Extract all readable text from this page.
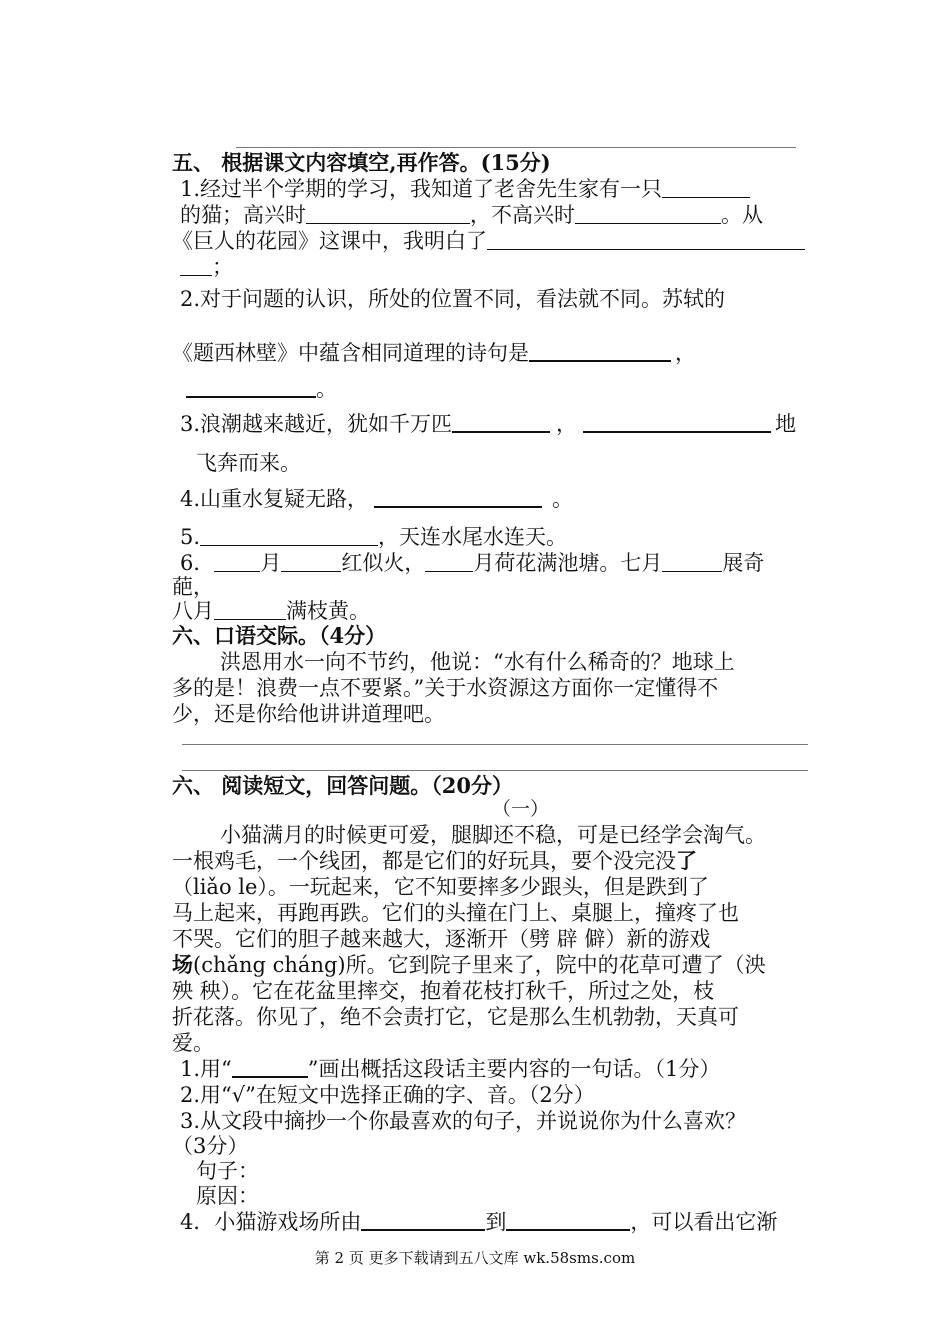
五、 根据课文内容填空,再作答。(15分)
1.经过半个学期的学习，我知道了老舍先生家有一只
的猫；高兴时	，不高兴时	。从
《巨人的花园》这课中，我明白了
；
2.对于问题的认识，所处的位置不同，看法就不同。苏轼的
《题西林壁》中蕴含相同道理的诗句是	，
。
3.浪潮越来越近，犹如千万匹	，	地
飞奔而来。
4.山重水复疑无路，	。
5.	，天连水尾水连天。
6． 月	红似火， 月荷花满池塘。七月	展奇
葩，
八月	满枝黄。
六、口语交际。（4分）
洪恩用水一向不节约，他说：“水有什么稀奇的？地球上
多的是！浪费一点不要紧。”关于水资源这方面你一定懂得不
少，还是你给他讲讲道理吧。
六、 阅读短文，回答问题。（20分）
（一）
小猫满月的时候更可爱，腿脚还不稳，可是已经学会淘气。
一根鸡毛，一个线团，都是它们的好玩具，要个没完没了
（liǎo le）。一玩起来，它不知要摔多少跟头，但是跌到了
马上起来，再跑再跌。它们的头撞在门上、桌腿上，撞疼了也
不哭。它们的胆子越来越大，逐渐开（劈 辟 僻）新的游戏
场(chǎng cháng)所。它到院子里来了，院中的花草可遭了（泱
殃 秧）。它在花盆里摔交，抱着花枝打秋千，所过之处，枝
折花落。你见了，绝不会责打它，它是那么生机勃勃，天真可
爱。
1.用“	”画出概括这段话主要内容的一句话。（1分）
2.用“√”在短文中选择正确的字、音。（2分）
3.从文段中摘抄一个你最喜欢的句子，并说说你为什么喜欢？
（3分）
句子：
原因：
4．小猫游戏场所由	到	，可以看出它渐
第 2 页 更多下载请到五八文库 wk.58sms.com
